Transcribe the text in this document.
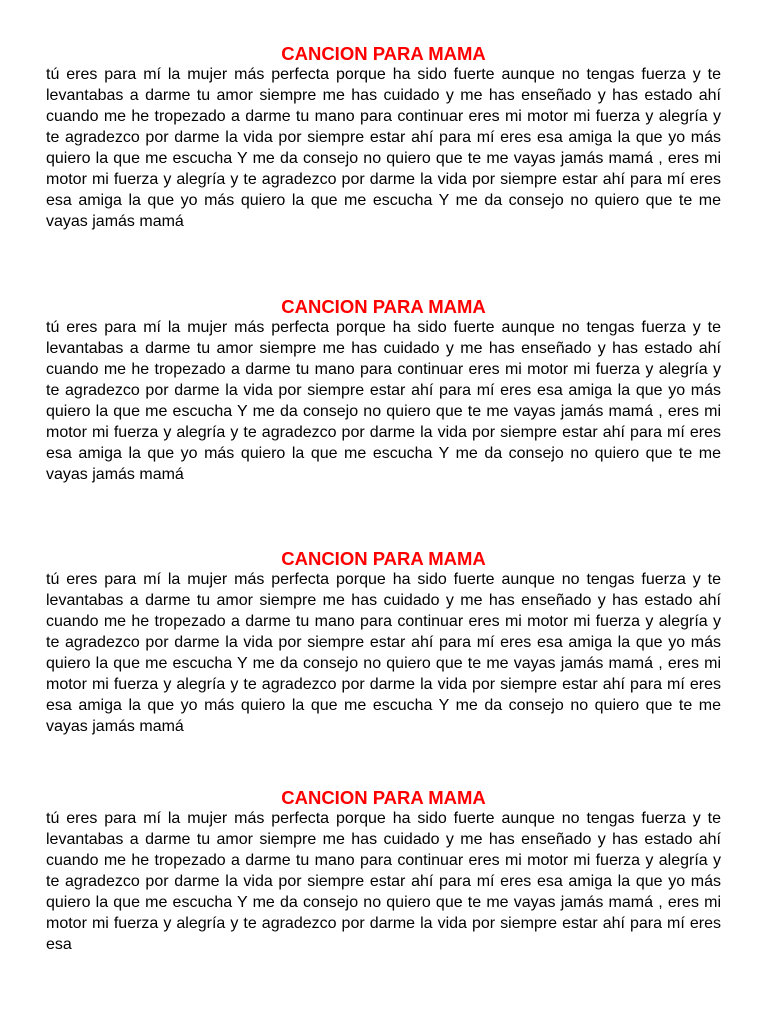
CANCION PARA MAMA

tú eres para mí la mujer más perfecta porque ha sido fuerte aunque no tengas fuerza y te levantabas a darme tu amor siempre me has cuidado y me has enseñado y has estado ahí cuando me he tropezado a darme tu mano para continuar eres mi motor mi fuerza y alegría y te agradezco por darme la vida por siempre estar ahí para mí eres esa amiga la que yo más quiero la que me escucha Y me da consejo no quiero que te me vayas jamás mamá , eres mi motor mi fuerza y alegría y te agradezco por darme la vida por siempre estar ahí para mí eres esa amiga la que yo más quiero la que me escucha Y me da consejo no quiero que te me vayas jamás mamá

CANCION PARA MAMA

tú eres para mí la mujer más perfecta porque ha sido fuerte aunque no tengas fuerza y te levantabas a darme tu amor siempre me has cuidado y me has enseñado y has estado ahí cuando me he tropezado a darme tu mano para continuar eres mi motor mi fuerza y alegría y te agradezco por darme la vida por siempre estar ahí para mí eres esa amiga la que yo más quiero la que me escucha Y me da consejo no quiero que te me vayas jamás mamá , eres mi motor mi fuerza y alegría y te agradezco por darme la vida por siempre estar ahí para mí eres esa amiga la que yo más quiero la que me escucha Y me da consejo no quiero que te me vayas jamás mamá

CANCION PARA MAMA

tú eres para mí la mujer más perfecta porque ha sido fuerte aunque no tengas fuerza y te levantabas a darme tu amor siempre me has cuidado y me has enseñado y has estado ahí cuando me he tropezado a darme tu mano para continuar eres mi motor mi fuerza y alegría y te agradezco por darme la vida por siempre estar ahí para mí eres esa amiga la que yo más quiero la que me escucha Y me da consejo no quiero que te me vayas jamás mamá , eres mi motor mi fuerza y alegría y te agradezco por darme la vida por siempre estar ahí para mí eres esa amiga la que yo más quiero la que me escucha Y me da consejo no quiero que te me vayas jamás mamá

CANCION PARA MAMA

tú eres para mí la mujer más perfecta porque ha sido fuerte aunque no tengas fuerza y te levantabas a darme tu amor siempre me has cuidado y me has enseñado y has estado ahí cuando me he tropezado a darme tu mano para continuar eres mi motor mi fuerza y alegría y te agradezco por darme la vida por siempre estar ahí para mí eres esa amiga la que yo más quiero la que me escucha Y me da consejo no quiero que te me vayas jamás mamá , eres mi motor mi fuerza y alegría y te agradezco por darme la vida por siempre estar ahí para mí eres esa
